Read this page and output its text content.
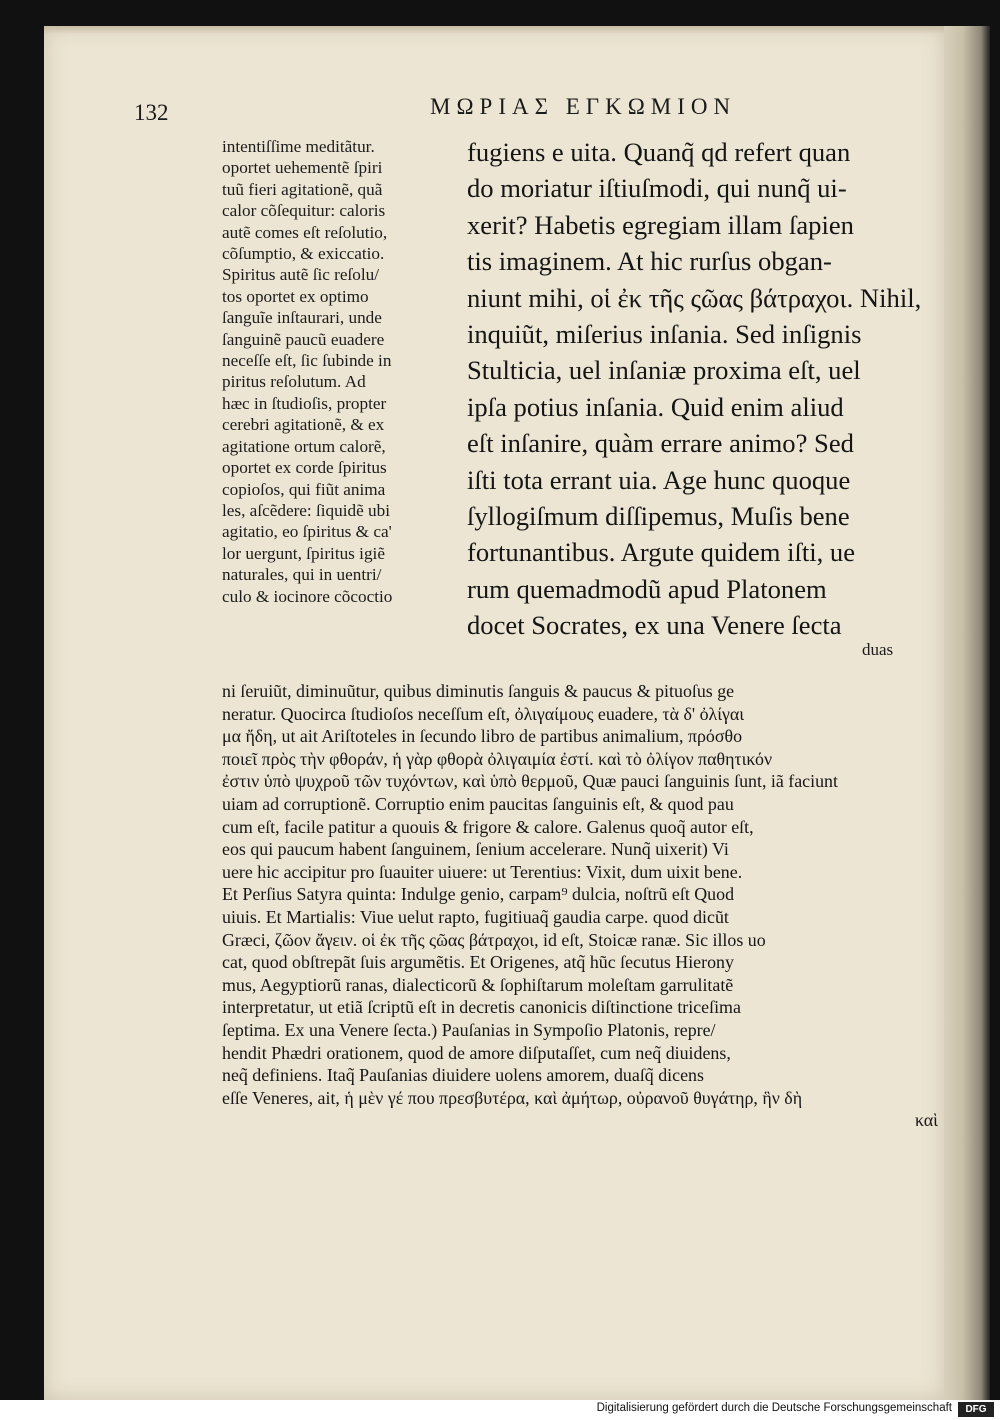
132	ΜΩΡΙΑΣ ΕΓΚΩΜΙΟΝ
intentiſſime meditãtur.
oportet uehementẽ ſpiri
tuũ fieri agitationẽ, quã
calor cõſequitur: caloris
autẽ comes eſt reſolutio,
cõſumptio, & exiccatio.
Spiritus autẽ ſic reſolu/
tos oportet ex optimo
ſanguĩe inſtaurari, unde
ſanguinẽ paucũ euadere
neceſſe eſt, ſic ſubinde in
piritus reſolutum. Ad
hæc in ſtudioſis, propter
cerebri agitationẽ, & ex
agitatione ortum calorẽ,
oportet ex corde ſpiritus
copioſos, qui fiũt anima
les, aſcẽdere: ſiquidẽ ubi
agitatio, eo ſpiritus & ca'
lor uergunt, ſpiritus igiẽ
naturales, qui in uentri/
culo & iocinore cõcoctio
fugiens e uita. Quanq̃ qd refert quan
do moriatur iſtiuſmodi, qui nunq̃ ui-
xerit? Habetis egregiam illam ſapien
tis imaginem. At hic rurſus obgan-
niunt mihi, οἱ ἐκ τῆς ςῶας βάτραχοι. Nihil,
inquiũt, miſerius inſania. Sed inſignis
Stulticia, uel inſaniæ proxima eſt, uel
ipſa potius inſania. Quid enim aliud
eſt inſanire, quàm errare animo? Sed
iſti tota errant uia. Age hunc quoque
ſyllogiſmum diſſipemus, Muſis bene
fortunantibus. Argute quidem iſti, ue
rum quemadmodũ apud Platonem
docet Socrates, ex una Venere ſecta
duas
ni ſeruiũt, diminuũtur, quibus diminutis ſanguis & paucus & pituoſus ge
neratur. Quocirca ſtudioſos neceſſum eſt, ὀλιγαίμους euadere, τὰ δ' ὀλίγαι
μα ἤδη, ut ait Ariſtoteles in ſecundo libro de partibus animalium, πρόσθο
ποιεῖ πρὸς τὴν φθοράν, ἡ γὰρ φθορὰ ὀλιγαιμία ἐστί. καὶ τὸ ὀλίγον παθητικόν
ἐστιν ὑπὸ ψυχροῦ τῶν τυχόντων, καὶ ὑπὸ θερμοῦ, Quæ pauci ſanguinis ſunt, iã faciunt
uiam ad corruptionẽ. Corruptio enim paucitas ſanguinis eſt, & quod pau
cum eſt, facile patitur a quouis & frigore & calore. Galenus quoq̃ autor eſt,
eos qui paucum habent ſanguinem, ſenium accelerare. Nunq̃ uixerit) Vi
uere hic accipitur pro ſuauiter uiuere: ut Terentius: Vixit, dum uixit bene.
Et Perſius Satyra quinta: Indulge genio, carpam⁹ dulcia, noſtrũ eſt Quod
uiuis. Et Martialis: Viue uelut rapto, fugitiuaq̃ gaudia carpe. quod dicũt
Græci, ζῶον ἄγειν. οἱ ἐκ τῆς ςῶας βάτραχοι, id eſt, Stoicæ ranæ. Sic illos uo
cat, quod obſtrepãt ſuis argumẽtis. Et Origenes, atq̃ hũc ſecutus Hierony
mus, Aegyptiorũ ranas, dialecticorũ & ſophiſtarum moleſtam garrulitatẽ
interpretatur, ut etiã ſcriptũ eſt in decretis canonicis diſtinctione triceſima
ſeptima. Ex una Venere ſecta.) Pauſanias in Sympoſio Platonis, repre/
hendit Phædri orationem, quod de amore diſputaſſet, cum neq̃ diuidens,
neq̃ definiens. Itaq̃ Pauſanias diuidere uolens amorem, duaſq̃ dicens
eſſe Veneres, ait, ἡ μὲν γέ που πρεσβυτέρα, καὶ ἀμήτωρ, οὐρανοῦ θυγάτηρ, ἣν δὴ
καὶ
Digitalisierung gefördert durch die Deutsche Forschungsgemeinschaft	DFG
